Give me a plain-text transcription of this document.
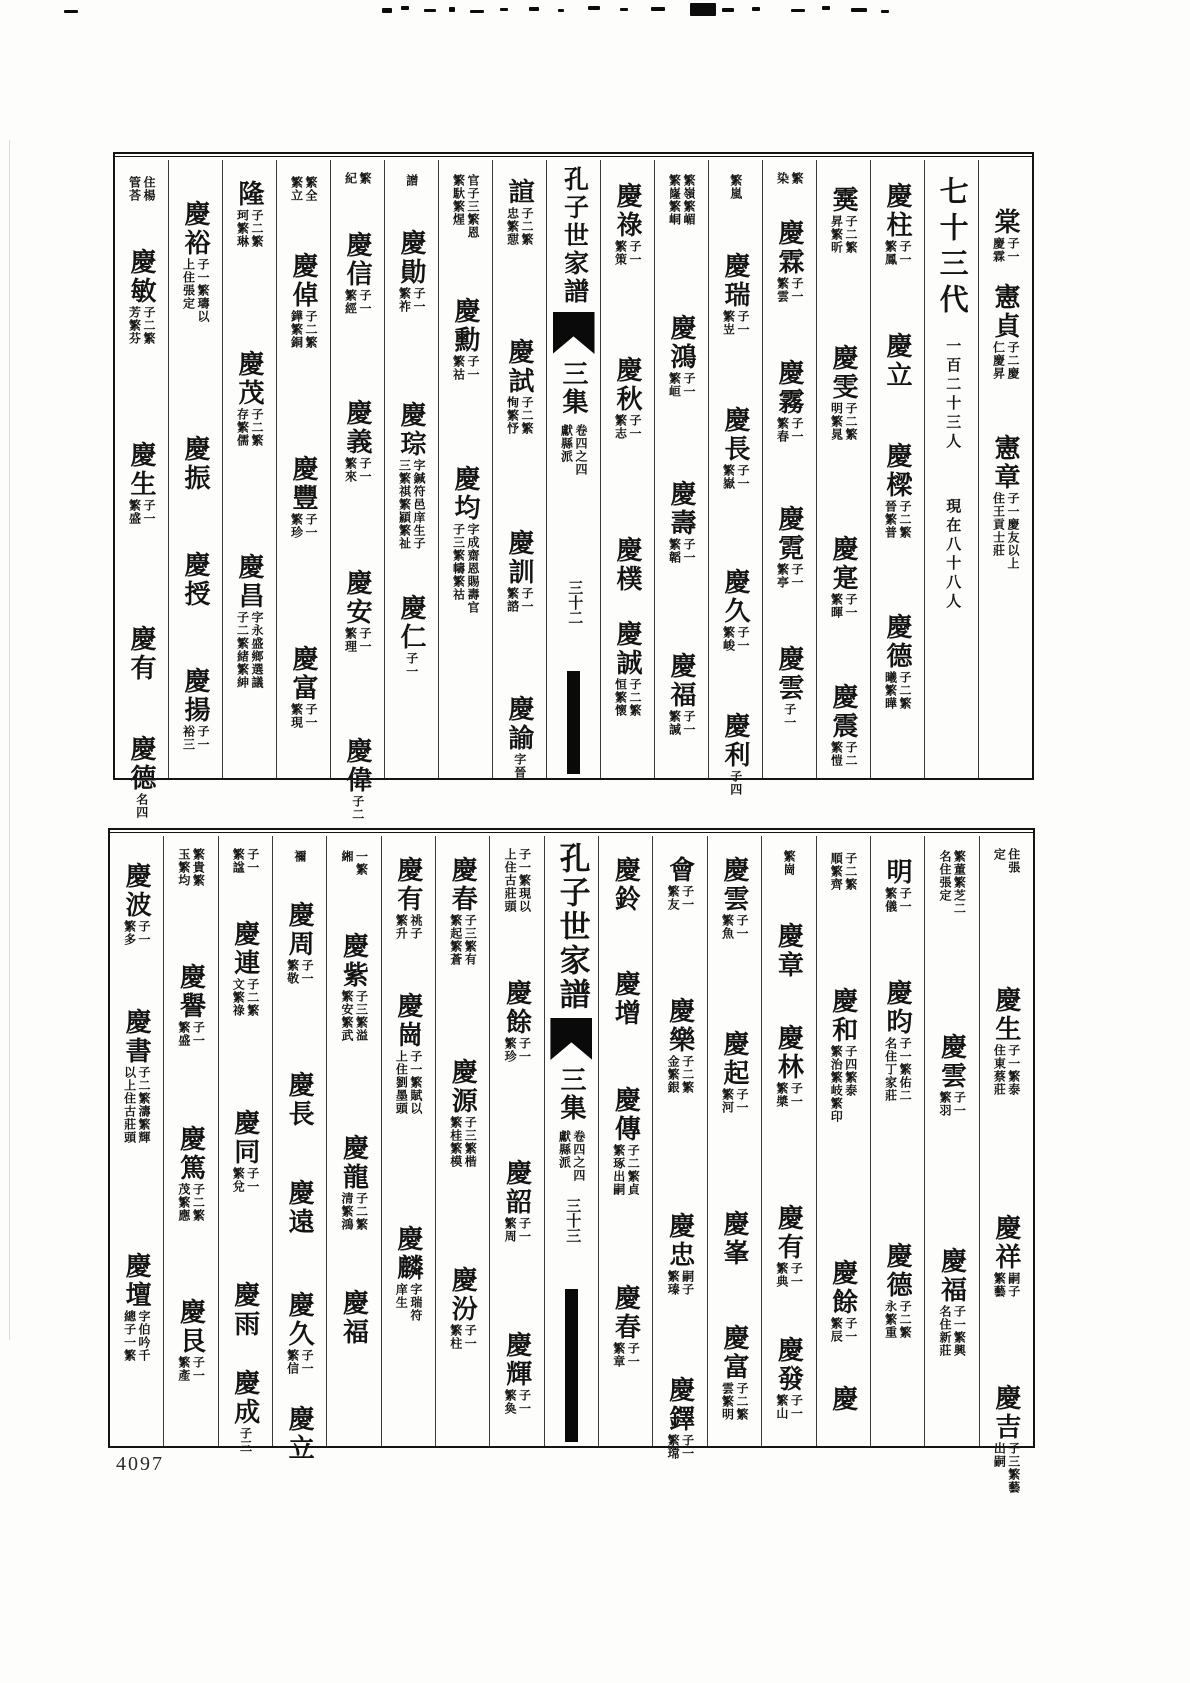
棠
子一
慶霖
憲貞
子二慶
仁慶昇
憲章
子一慶友以上
住王貢士莊
七十三代
一百二十三人
現在八十八人
慶柱
子一
繁鳳
慶立
慶樑
子二繁
晉繁普
慶德
子二繁
曦繁曄
霙
子二繁
昇繁昕
慶雯
子二繁
明繁晁
慶寔
子一
繁暉
慶震
子二
繁愷
繁
染
慶霖
子一
繁雲
慶霧
子一
繁春
慶霓
子一
繁亭
慶雲
子一
繁嵐
慶瑞
子一
繁岦
慶長
子一
繁嶽
慶久
子一
繁峻
慶利
子四
繁嶺繁嵋
繁嶐繁峒
慶鴻
子一
繁峘
慶壽
子一
繁韜
慶福
子一
繁諴
慶祿
子一
繁策
慶秋
子一
繁志
慶樸
慶誠
子二繁
恒繁懷
孔子世家譜
三集
卷四之四
獻縣派
三十二
諠
子二繁
忠繁憇
慶試
子二繁
恂繁忬
慶訓
子一
繁諮
慶諭
字晉
官子三繁恩
繁馱繁煋
慶勳
子一
繁祜
慶均
字成齋恩賜壽官
子三繁幬繁祜
譄
慶勛
子一
繁祚
慶琮
字鍼符邑庠生子
三繁祺繁顈繁祉
慶仁
子一
繁
紀
慶信
子一
繁經
慶義
子一
繁來
慶安
子一
繁理
慶偉
子二
繁全
繁立
慶倬
子二繁
鏵繁銅
慶豐
子一
繁珍
慶富
子一
繁現
隆
子二繁
珂繁琳
慶茂
子二繁
存繁儒
慶昌
字永盛鄉選議
子二繁緒繁紳
慶裕
子一繁璹以
上住張定
慶振
慶授
慶揚
子一
裕三
住楊
管荅
慶敏
子二繁
芳繁芬
慶生
子一
繁盛
慶有
慶德
名四
住張
定
慶生
子一繁泰
住東蔡莊
慶祥
嗣子
繁藝
慶吉
子三繁藝
出嗣
繁董繁芝二
名住張定
慶雲
子一
繁羽
慶福
子一繁興
名住新莊
明
子一
繁儀
慶昀
子一繁佑二
名住丁家莊
慶德
子二繁
永繁重
子二繁
順繁齊
慶和
子四繁泰
繁治繁岐繁印
慶餘
子一
繁辰
慶
繁崗
慶章
慶林
子一
繁槳
慶有
子一
繁典
慶發
子一
繁山
慶雲
子一
繁魚
慶起
子一
繁河
慶峯
慶富
子二繁
雲繁明
會
子一
繁友
慶樂
子二繁
金繁銀
慶忠
嗣子
繁瑧
慶鐸
子一
繁瑺
慶鈴
慶增
慶傳
子二繁貞
繁琢出嗣
慶春
子一
繁章
孔子世家譜
三集
卷四之四
獻縣派
三十三
子一繁現以
上住古莊頭
慶餘
子一
繁珍
慶韶
子一
繁周
慶輝
子一
繁奐
慶春
子三繁有
繁起繁蒼
慶源
子三繁楷
繁桂繁模
慶汾
子一
繁柱
慶有
祧子
繁升
慶崗
子一繁賦以
上住劉墨頭
慶麟
字瑞符
庠生
一繁
緗
慶紫
子三繁溢
繁安繁武
慶龍
子二繁
清繁鴻
慶福
禰
慶周
子一
繁敬
慶長
慶遠
慶久
子一
繁信
慶立
子一
繁諡
慶連
子二繁
文繁祿
慶同
子一
繁兌
慶雨
慶成
子三
繁貴繁
玉繁均
慶譽
子一
繁盛
慶篤
子二繁
茂繁應
慶艮
子一
繁產
慶波
子一
繁多
慶書
子二繁濤繁輝
以上住古莊頭
慶壇
字伯吟千
總子一繁
4097
